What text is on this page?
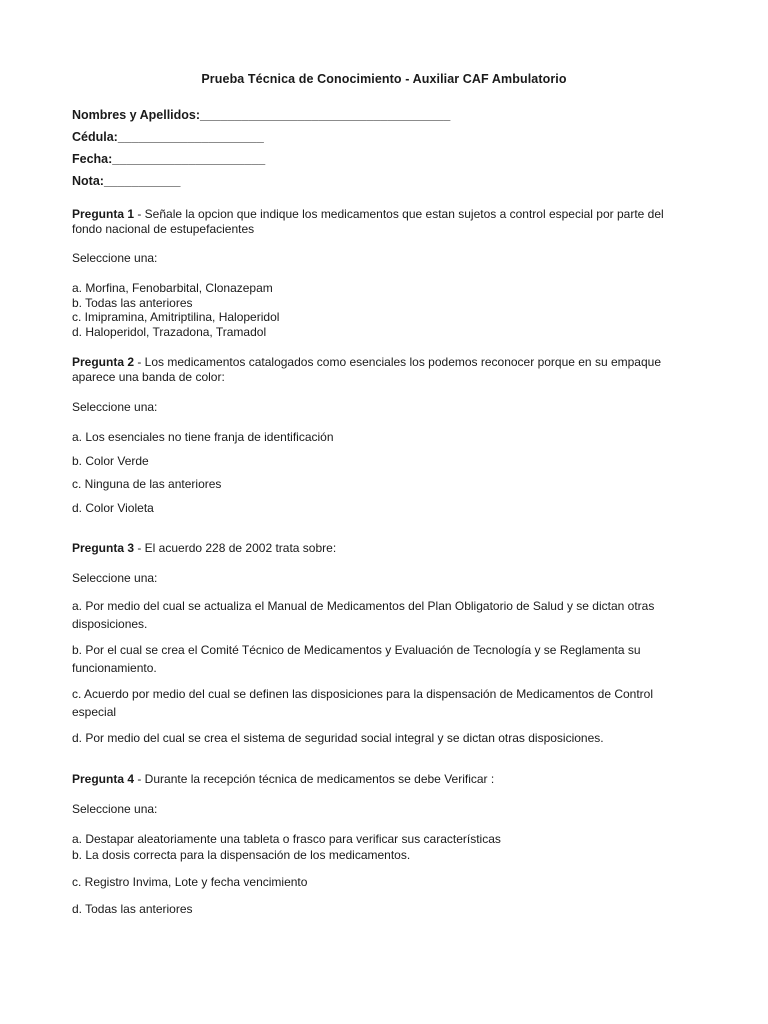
Prueba Técnica de Conocimiento - Auxiliar CAF Ambulatorio
Nombres y Apellidos:____________________________________
Cédula:_____________________
Fecha:______________________
Nota:___________
Pregunta 1 - Señale la opcion que indique los medicamentos que estan sujetos a control especial por parte del fondo nacional de estupefacientes
Seleccione una:
a. Morfina, Fenobarbital, Clonazepam
b. Todas las anteriores
c. Imipramina, Amitriptilina, Haloperidol
d. Haloperidol, Trazadona, Tramadol
Pregunta 2 - Los medicamentos catalogados como esenciales los podemos reconocer porque en su empaque aparece una banda de color:
Seleccione una:
a. Los esenciales no tiene franja de identificación
b. Color Verde
c. Ninguna de las anteriores
d. Color Violeta
Pregunta 3 - El acuerdo 228 de 2002 trata sobre:
Seleccione una:
a. Por medio del cual se actualiza el Manual de Medicamentos del Plan Obligatorio de Salud y se dictan otras disposiciones.
b. Por el cual se crea el Comité Técnico de Medicamentos y Evaluación de Tecnología y se Reglamenta su funcionamiento.
c. Acuerdo por medio del cual se definen las disposiciones para la dispensación de Medicamentos de Control especial
d. Por medio del cual se crea el sistema de seguridad social integral y se dictan otras disposiciones.
Pregunta 4 - Durante la recepción técnica de medicamentos se debe Verificar :
Seleccione una:
a. Destapar aleatoriamente una tableta o frasco para verificar sus características
b. La dosis correcta para la dispensación de los medicamentos.
c. Registro Invima, Lote y fecha vencimiento
d. Todas las anteriores
